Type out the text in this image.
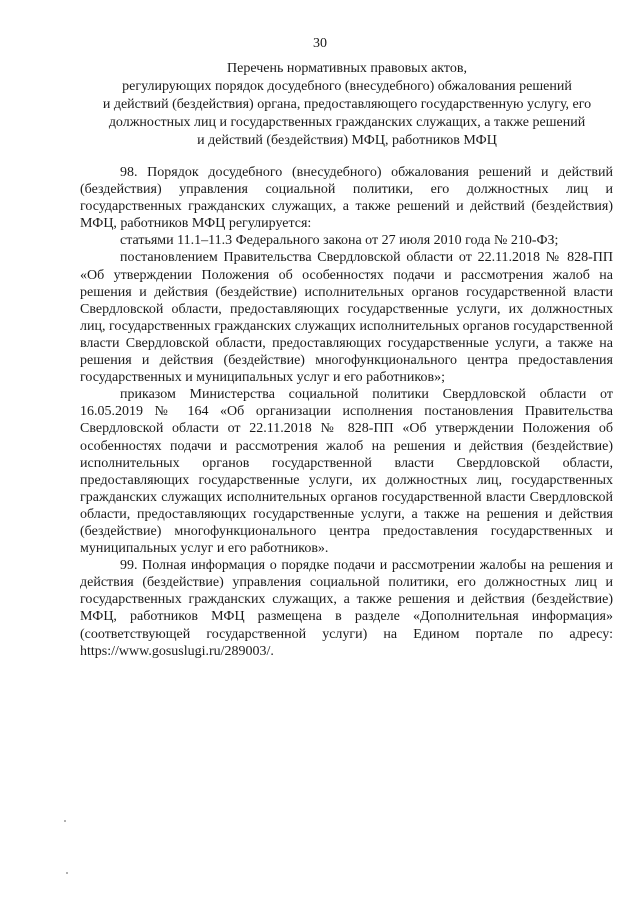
30
Перечень нормативных правовых актов,
регулирующих порядок досудебного (внесудебного) обжалования решений
и действий (бездействия) органа, предоставляющего государственную услугу, его
должностных лиц и государственных гражданских служащих, а также решений
и действий (бездействия) МФЦ, работников МФЦ

98. Порядок досудебного (внесудебного) обжалования решений и действий (бездействия) управления социальной политики, его должностных лиц и государственных гражданских служащих, а также решений и действий (бездействия) МФЦ, работников МФЦ регулируется:

статьями 11.1–11.3 Федерального закона от 27 июля 2010 года № 210-ФЗ;

постановлением Правительства Свердловской области от 22.11.2018 № 828-ПП «Об утверждении Положения об особенностях подачи и рассмотрения жалоб на решения и действия (бездействие) исполнительных органов государственной власти Свердловской области, предоставляющих государственные услуги, их должностных лиц, государственных гражданских служащих исполнительных органов государственной власти Свердловской области, предоставляющих государственные услуги, а также на решения и действия (бездействие) многофункционального центра предоставления государственных и муниципальных услуг и его работников»;

приказом Министерства социальной политики Свердловской области от 16.05.2019 № 164 «Об организации исполнения постановления Правительства Свердловской области от 22.11.2018 № 828-ПП «Об утверждении Положения об особенностях подачи и рассмотрения жалоб на решения и действия (бездействие) исполнительных органов государственной власти Свердловской области, предоставляющих государственные услуги, их должностных лиц, государственных гражданских служащих исполнительных органов государственной власти Свердловской области, предоставляющих государственные услуги, а также на решения и действия (бездействие) многофункционального центра предоставления государственных и муниципальных услуг и его работников».

99. Полная информация о порядке подачи и рассмотрении жалобы на решения и действия (бездействие) управления социальной политики, его должностных лиц и государственных гражданских служащих, а также решения и действия (бездействие) МФЦ, работников МФЦ размещена в разделе «Дополнительная информация» (соответствующей государственной услуги) на Едином портале по адресу: https://www.gosuslugi.ru/289003/.
